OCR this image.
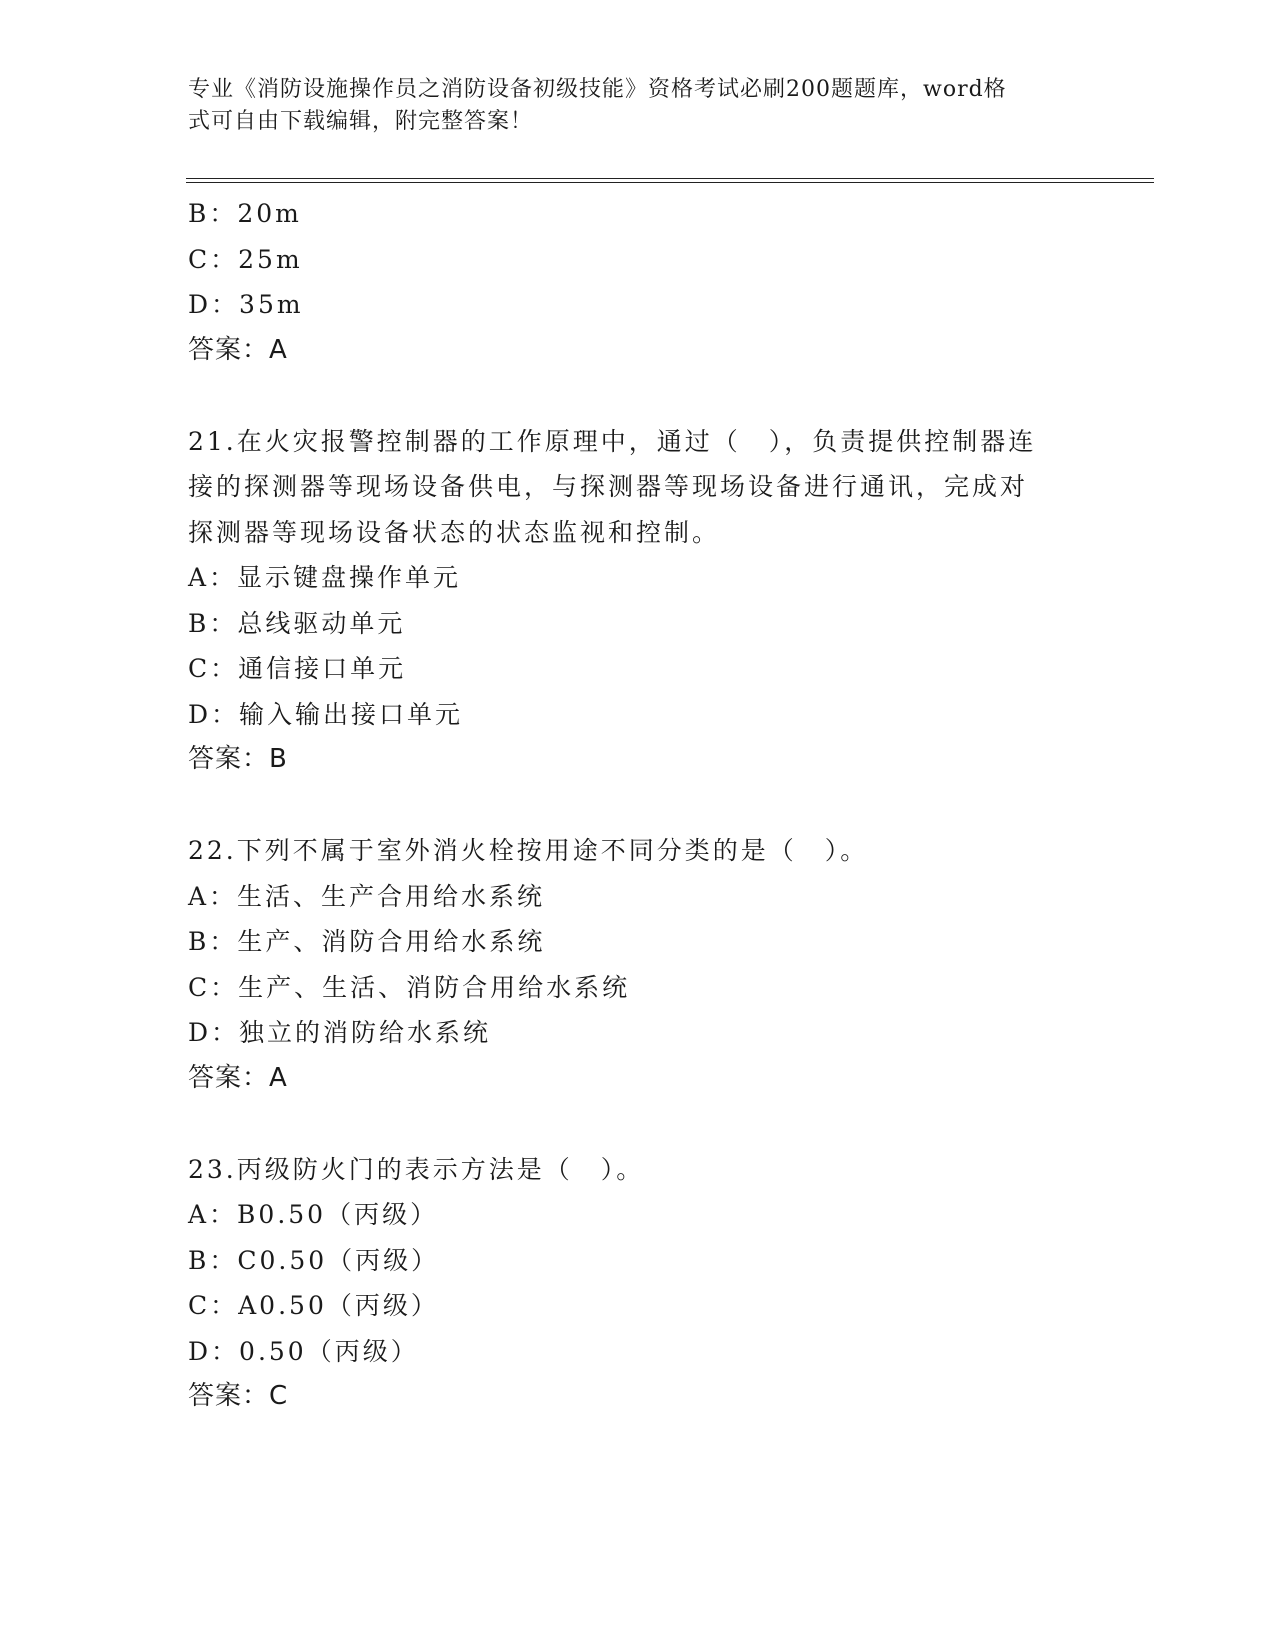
专业《消防设施操作员之消防设备初级技能》资格考试必刷200题题库，word格
式可自由下载编辑，附完整答案！
B：20m
C：25m
D：35m
答案：A
21.在火灾报警控制器的工作原理中，通过（　），负责提供控制器连
接的探测器等现场设备供电，与探测器等现场设备进行通讯，完成对
探测器等现场设备状态的状态监视和控制。
A：显示键盘操作单元
B：总线驱动单元
C：通信接口单元
D：输入输出接口单元
答案：B
22.下列不属于室外消火栓按用途不同分类的是（　）。
A：生活、生产合用给水系统
B：生产、消防合用给水系统
C：生产、生活、消防合用给水系统
D：独立的消防给水系统
答案：A
23.丙级防火门的表示方法是（　）。
A：B0.50（丙级）
B：C0.50（丙级）
C：A0.50（丙级）
D：0.50（丙级）
答案：C
